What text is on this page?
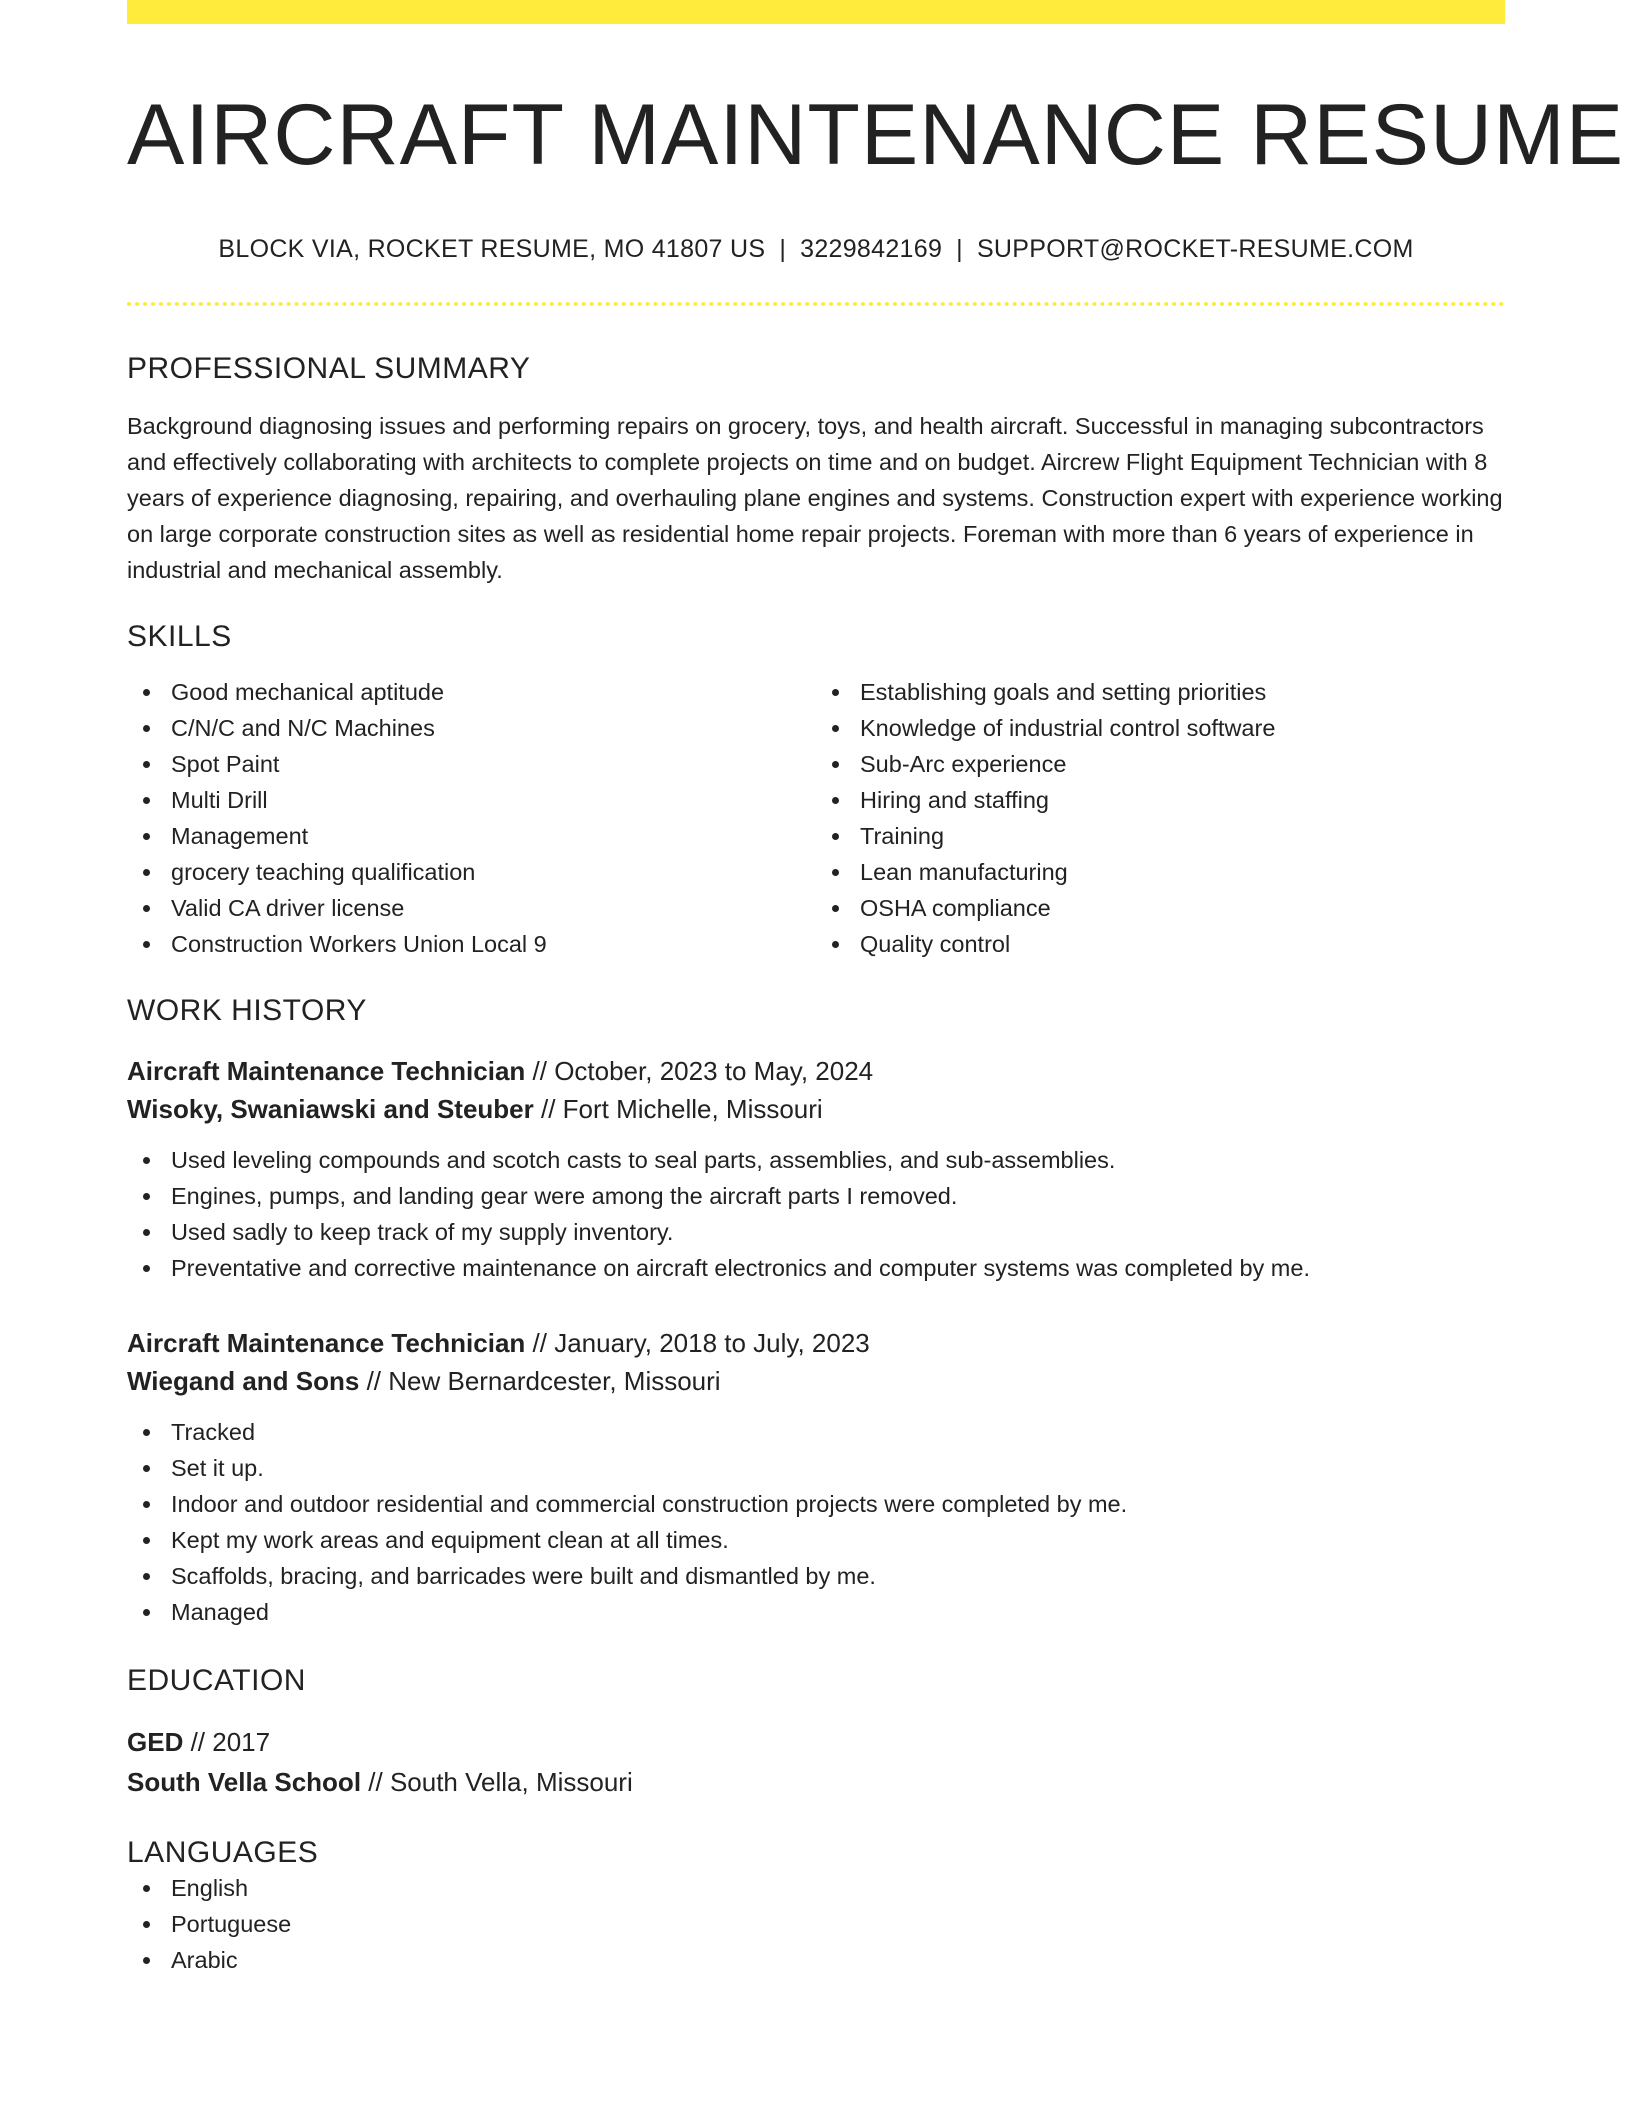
AIRCRAFT MAINTENANCE RESUME
BLOCK VIA, ROCKET RESUME, MO 41807 US | 3229842169 | SUPPORT@ROCKET-RESUME.COM
PROFESSIONAL SUMMARY

Background diagnosing issues and performing repairs on grocery, toys, and health aircraft. Successful in managing subcontractors and effectively collaborating with architects to complete projects on time and on budget. Aircrew Flight Equipment Technician with 8 years of experience diagnosing, repairing, and overhauling plane engines and systems. Construction expert with experience working on large corporate construction sites as well as residential home repair projects. Foreman with more than 6 years of experience in industrial and mechanical assembly.

SKILLS
Good mechanical aptitude
C/N/C and N/C Machines
Spot Paint
Multi Drill
Management
grocery teaching qualification
Valid CA driver license
Construction Workers Union Local 9
Establishing goals and setting priorities
Knowledge of industrial control software
Sub-Arc experience
Hiring and staffing
Training
Lean manufacturing
OSHA compliance
Quality control
WORK HISTORY
Aircraft Maintenance Technician // October, 2023 to May, 2024
Wisoky, Swaniawski and Steuber // Fort Michelle, Missouri
Used leveling compounds and scotch casts to seal parts, assemblies, and sub-assemblies.
Engines, pumps, and landing gear were among the aircraft parts I removed.
Used sadly to keep track of my supply inventory.
Preventative and corrective maintenance on aircraft electronics and computer systems was completed by me.
Aircraft Maintenance Technician // January, 2018 to July, 2023
Wiegand and Sons // New Bernardcester, Missouri
Tracked
Set it up.
Indoor and outdoor residential and commercial construction projects were completed by me.
Kept my work areas and equipment clean at all times.
Scaffolds, bracing, and barricades were built and dismantled by me.
Managed
EDUCATION
GED // 2017
South Vella School // South Vella, Missouri
LANGUAGES
English
Portuguese
Arabic
